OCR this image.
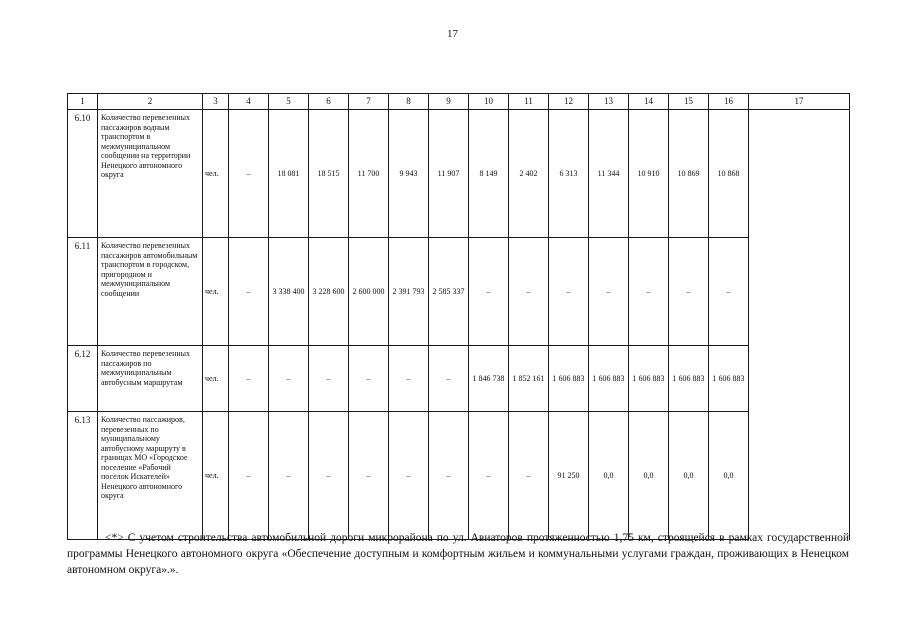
17
1	2	3	4	5	6	7	8	9	10	11	12	13	14	15	16	17
6.10	Количество перевезенных пассажиров водным транспортом в межмуниципальном сообщении на территории Ненецкого автономного округа	чел.	–	18 081	18 515	11 700	9 943	11 907	8 149	2 402	6 313	11 344	10 910	10 869	10 868	
6.11	Количество перевезенных пассажиров автомобильным транспортом в городском, пригородном и межмуниципальном сообщении	чел.	–	3 338 400	3 228 600	2 600 000	2 391 793	2 585 337	–	–	–	–	–	–	–	
6.12	Количество перевезенных пассажиров по межмуниципальным автобусным маршрутам	чел.	–	–	–	–	–	–	1 846 738	1 852 161	1 606 883	1 606 883	1 606 883	1 606 883	1 606 883	
6.13	Количество пассажиров, перевезенных по муниципальному автобусному маршруту в границах МО «Городское поселение «Рабочий поселок Искателей» Ненецкого автономного округа	чел.	–	–	–	–	–	–	–	–	91 250	0,0	0,0	0,0	0,0	

<*> С учетом строительства автомобильной дороги микрорайона по ул. Авиаторов протяженностью 1,75 км, строящейся в рамках государственной программы Ненецкого автономного округа «Обеспечение доступным и комфортным жильем и коммунальными услугами граждан, проживающих в Ненецком автономном округа».».
